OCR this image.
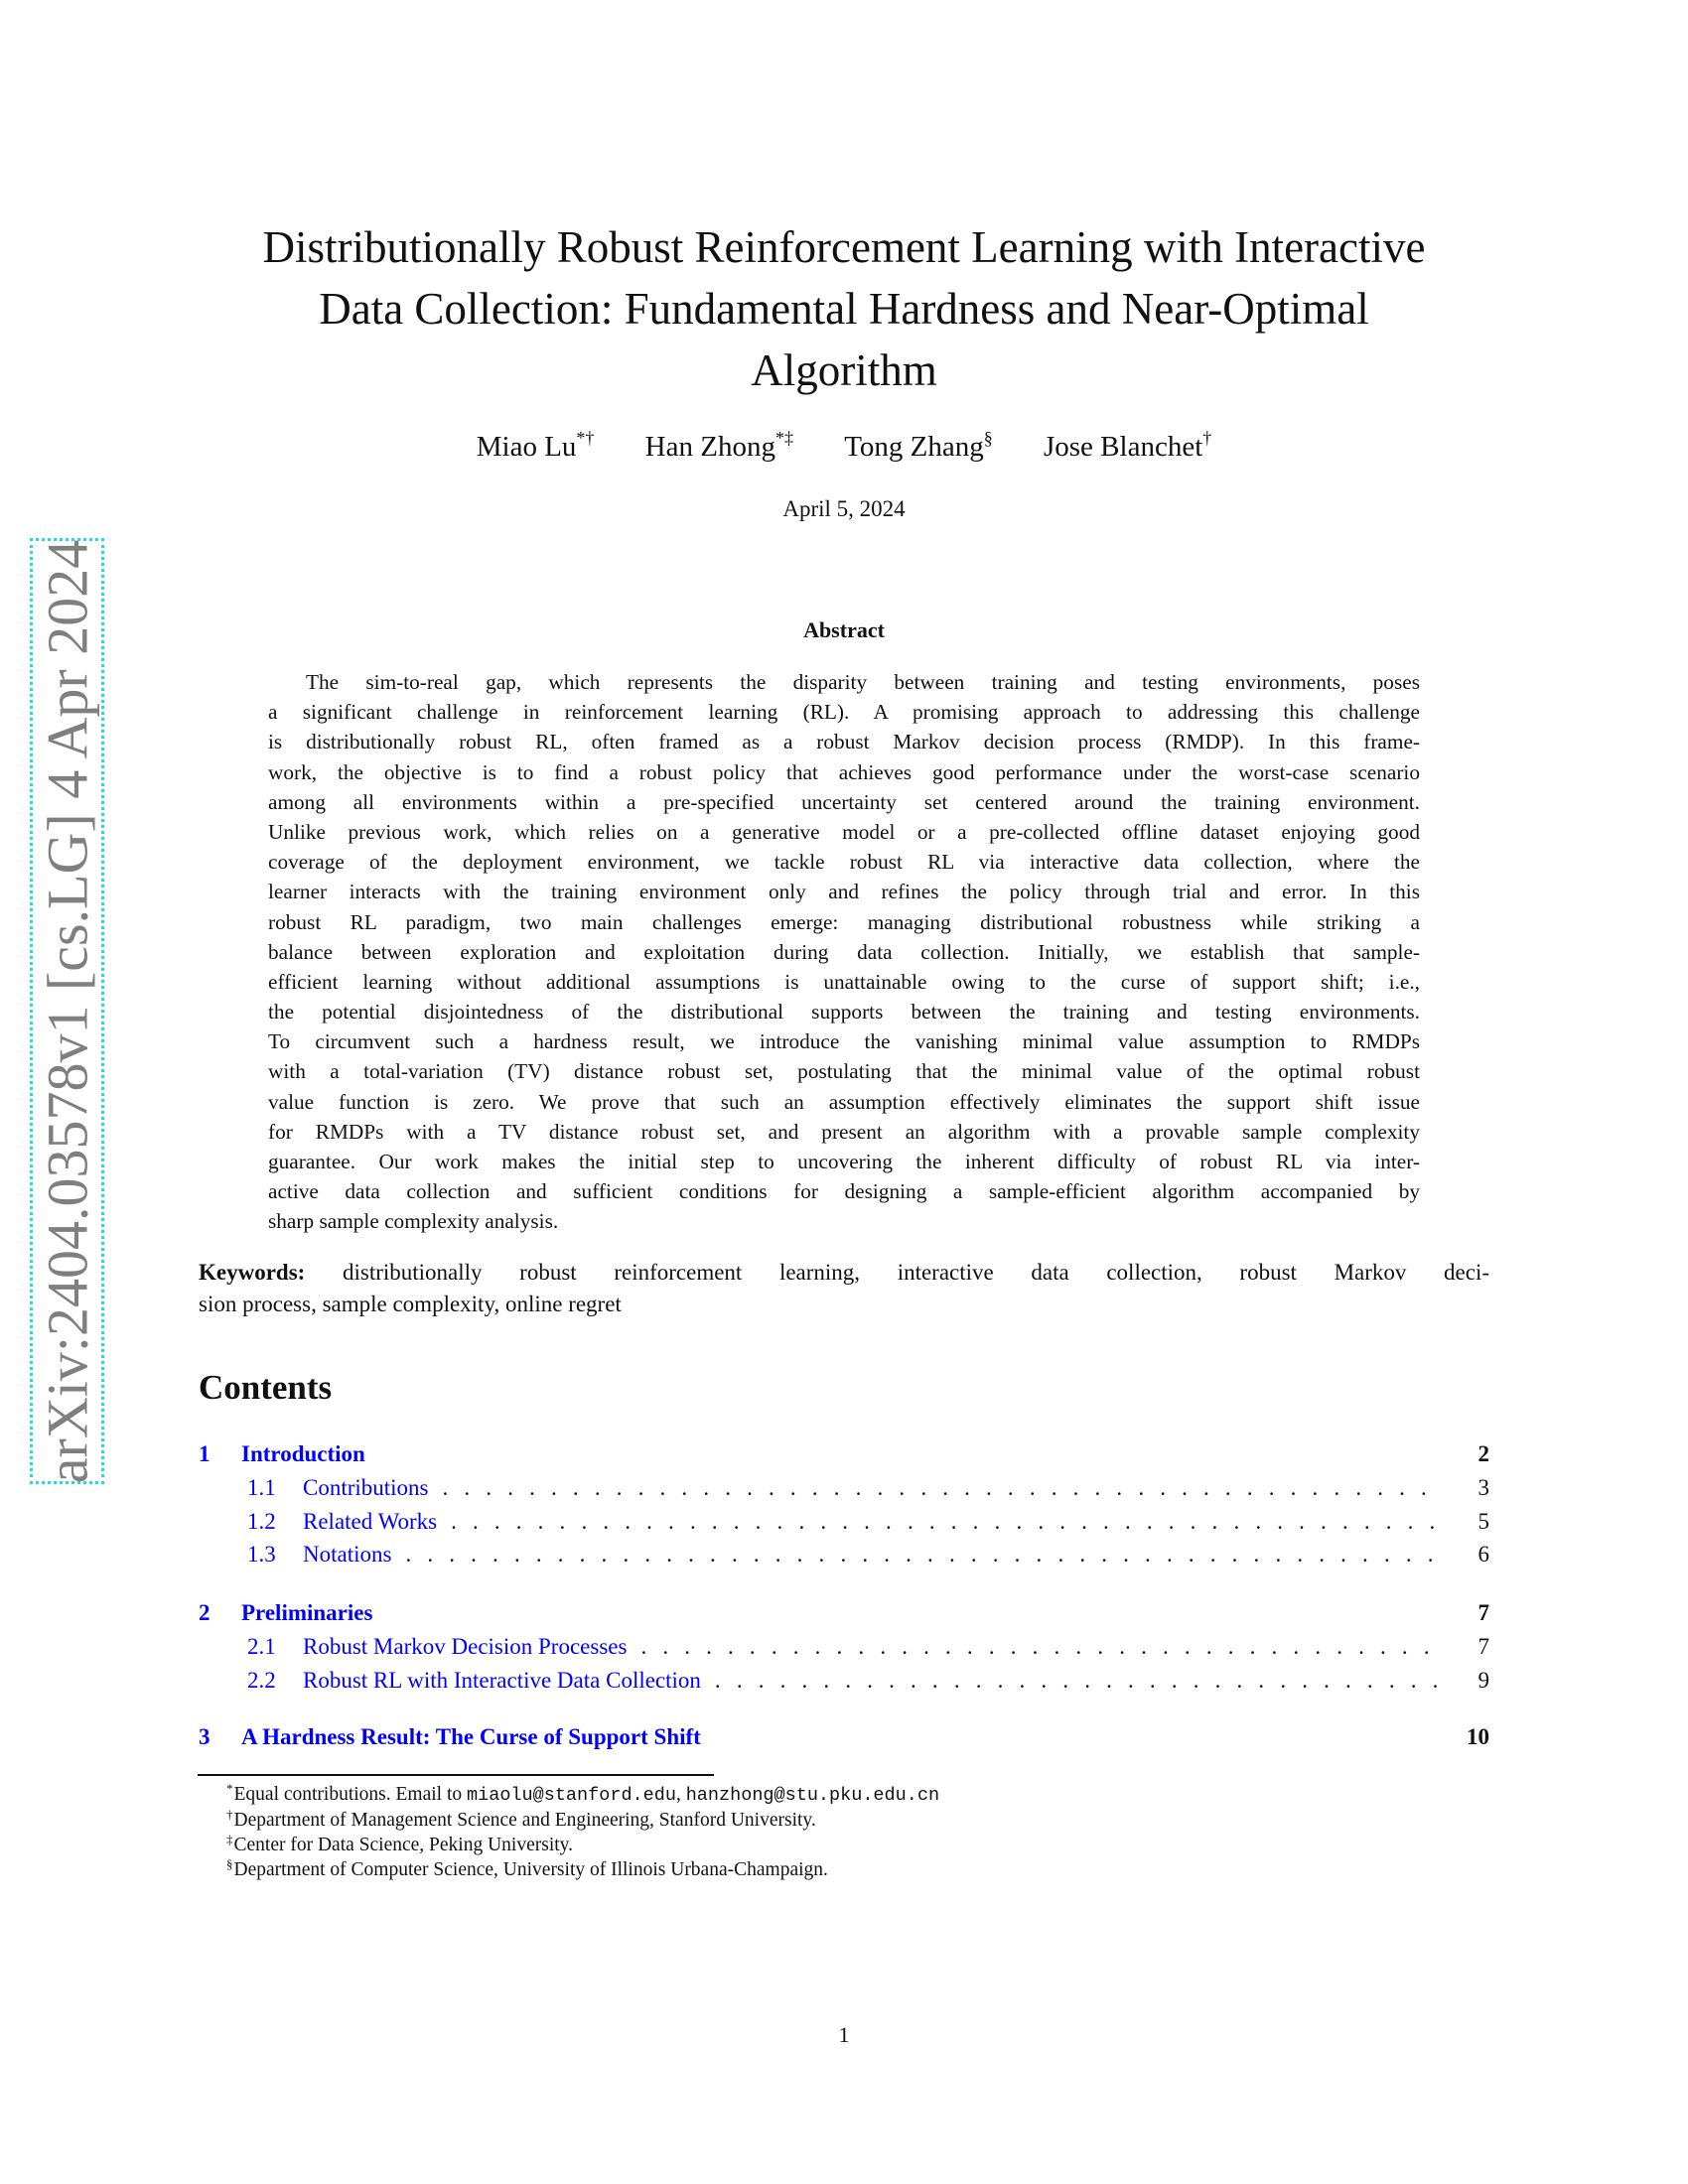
arXiv:2404.03578v1 [cs.LG] 4 Apr 2024
Distributionally Robust Reinforcement Learning with Interactive
Data Collection: Fundamental Hardness and Near-Optimal
Algorithm
Miao Lu*† Han Zhong*‡ Tong Zhang§ Jose Blanchet†
April 5, 2024
Abstract
The sim-to-real gap, which represents the disparity between training and testing environments, poses
a significant challenge in reinforcement learning (RL). A promising approach to addressing this challenge
is distributionally robust RL, often framed as a robust Markov decision process (RMDP). In this frame-
work, the objective is to find a robust policy that achieves good performance under the worst-case scenario
among all environments within a pre-specified uncertainty set centered around the training environment.
Unlike previous work, which relies on a generative model or a pre-collected offline dataset enjoying good
coverage of the deployment environment, we tackle robust RL via interactive data collection, where the
learner interacts with the training environment only and refines the policy through trial and error. In this
robust RL paradigm, two main challenges emerge: managing distributional robustness while striking a
balance between exploration and exploitation during data collection. Initially, we establish that sample-
efficient learning without additional assumptions is unattainable owing to the curse of support shift; i.e.,
the potential disjointedness of the distributional supports between the training and testing environments.
To circumvent such a hardness result, we introduce the vanishing minimal value assumption to RMDPs
with a total-variation (TV) distance robust set, postulating that the minimal value of the optimal robust
value function is zero. We prove that such an assumption effectively eliminates the support shift issue
for RMDPs with a TV distance robust set, and present an algorithm with a provable sample complexity
guarantee. Our work makes the initial step to uncovering the inherent difficulty of robust RL via inter-
active data collection and sufficient conditions for designing a sample-efficient algorithm accompanied by
sharp sample complexity analysis.
Keywords: distributionally robust reinforcement learning, interactive data collection, robust Markov deci-
sion process, sample complexity, online regret
Contents
1	Introduction	2
1.1	Contributions . . .	3
1.2	Related Works . . .	5
1.3	Notations . . .	6
2	Preliminaries	7
2.1	Robust Markov Decision Processes . . .	7
2.2	Robust RL with Interactive Data Collection . . .	9
3	A Hardness Result: The Curse of Support Shift	10
*Equal contributions. Email to miaolu@stanford.edu, hanzhong@stu.pku.edu.cn
†Department of Management Science and Engineering, Stanford University.
‡Center for Data Science, Peking University.
§Department of Computer Science, University of Illinois Urbana-Champaign.
1
